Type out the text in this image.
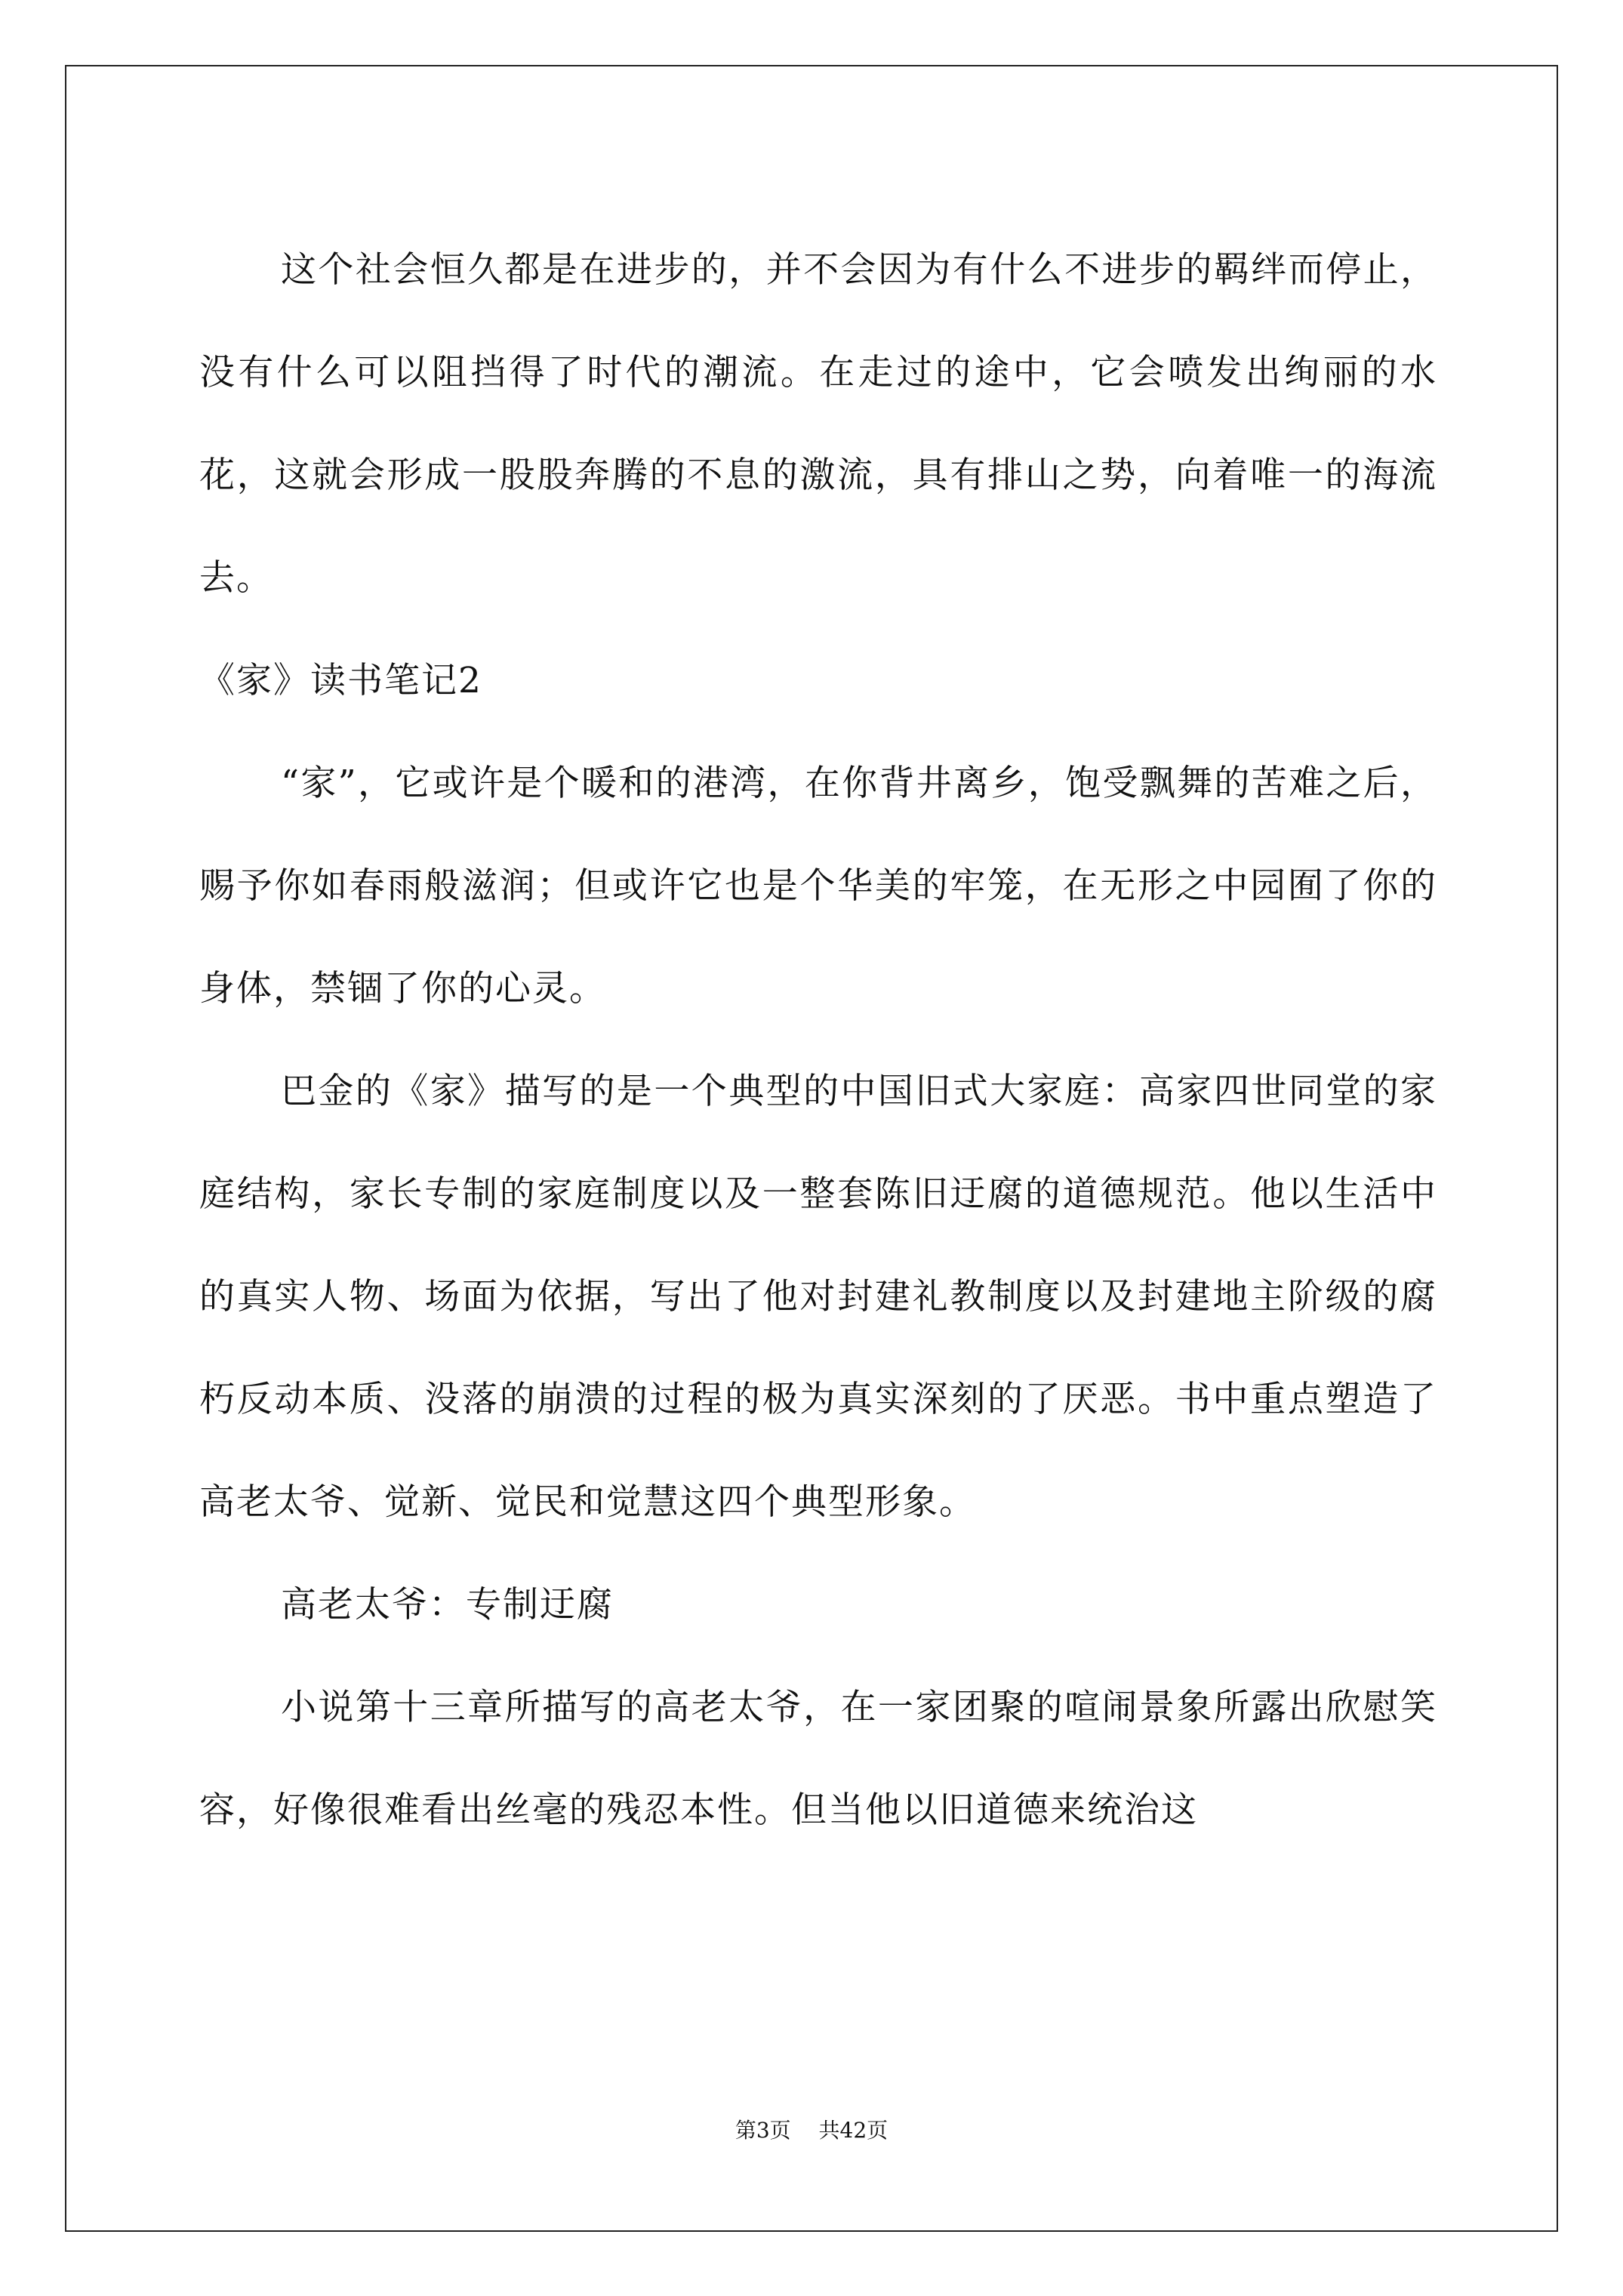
这个社会恒久都是在进步的，并不会因为有什么不进步的羁绊而停止，没有什么可以阻挡得了时代的潮流。在走过的途中，它会喷发出绚丽的水花，这就会形成一股股奔腾的不息的激流，具有排山之势，向着唯一的海流去。

《家》读书笔记2

“家”，它或许是个暖和的港湾，在你背井离乡，饱受飘舞的苦难之后，赐予你如春雨般滋润；但或许它也是个华美的牢笼，在无形之中园囿了你的身体，禁锢了你的心灵。

巴金的《家》描写的是一个典型的中国旧式大家庭：高家四世同堂的家庭结构，家长专制的家庭制度以及一整套陈旧迂腐的道德规范。他以生活中的真实人物、场面为依据，写出了他对封建礼教制度以及封建地主阶级的腐朽反动本质、没落的崩溃的过程的极为真实深刻的了厌恶。书中重点塑造了高老太爷、觉新、觉民和觉慧这四个典型形象。

高老太爷：专制迂腐

小说第十三章所描写的高老太爷，在一家团聚的喧闹景象所露出欣慰笑容，好像很难看出丝毫的残忍本性。但当他以旧道德来统治这

第3页 共42页
